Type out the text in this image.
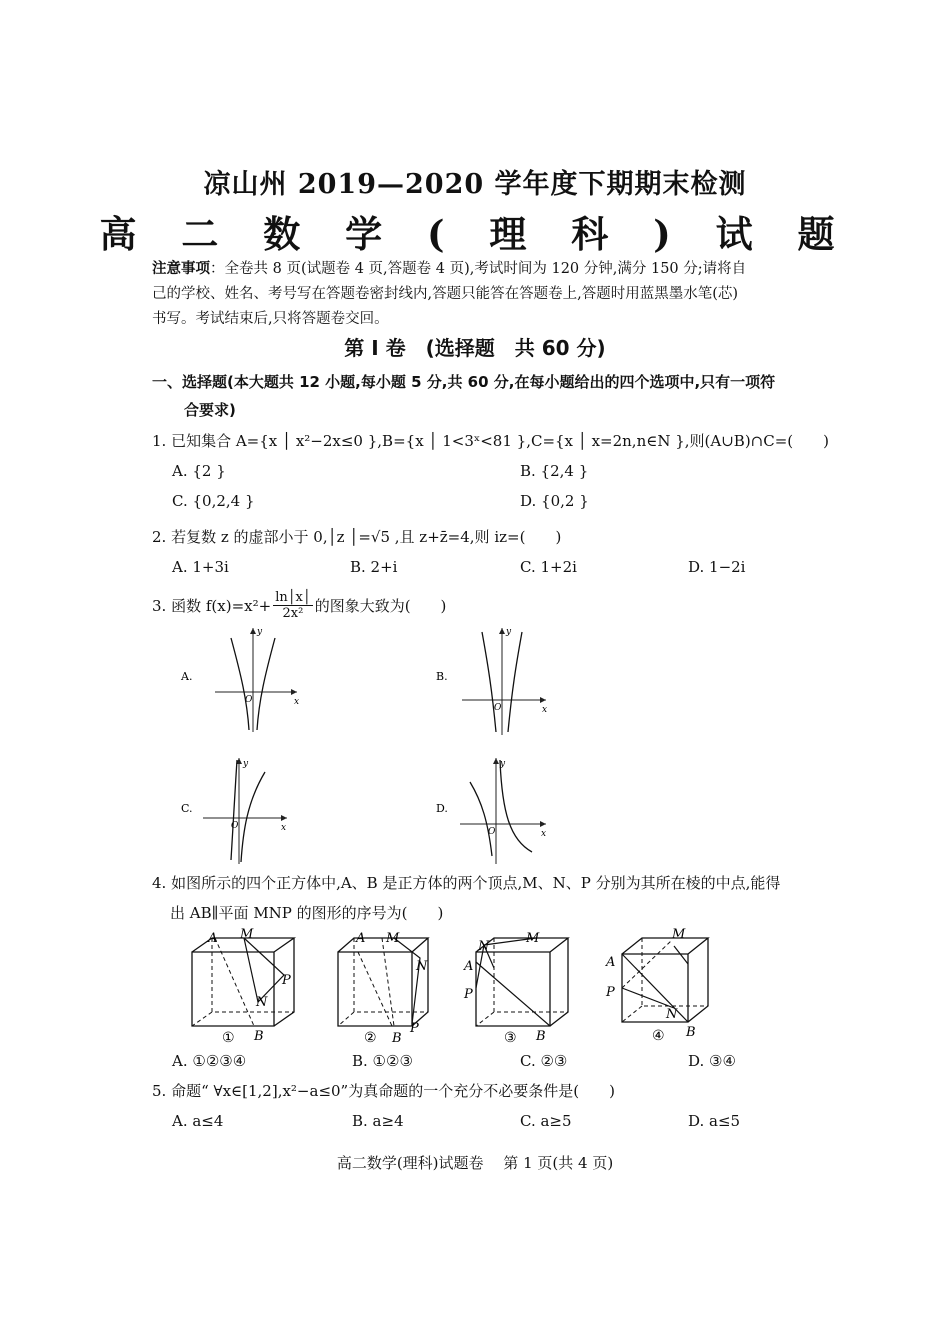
凉山州 2019—2020 学年度下期期末检测
高 二 数 学 ( 理 科 ) 试 题
注意事项：全卷共 8 页(试题卷 4 页,答题卷 4 页),考试时间为 120 分钟,满分 150 分;请将自
己的学校、姓名、考号写在答题卷密封线内,答题只能答在答题卷上,答题时用蓝黑墨水笔(芯)
书写。考试结束后,只将答题卷交回。
第 Ⅰ 卷　(选择题　共 60 分)
一、选择题(本大题共 12 小题,每小题 5 分,共 60 分,在每小题给出的四个选项中,只有一项符
合要求)
1. 已知集合 A={x │ x²−2x≤0 },B={x │ 1<3ˣ<81 },C={x │ x=2n,n∈N },则(A∪B)∩C=(　　)
A. {2 }	B. {2,4 }
C. {0,2,4 }	D. {0,2 }
2. 若复数 z 的虚部小于 0,│z │=√5 ,且 z+z̄=4,则 iz=(　　)
A. 1+3i	B. 2+i	C. 1+2i	D. 1−2i
3. 函数 $f(x)=x^2+ \frac{\ln│x│}{\text{2x²}}$ 的图象大致为(　　)
A.
x
y
O
B.
x
y
O
C.
x
y
O
D.
x
y
O
4. 如图所示的四个正方体中,A、B 是正方体的两个顶点,M、N、P 分别为其所在棱的中点,能得
出 AB∥平面 MNP 的图形的序号为(　　)
A M
P
N
B
①
A M
N
P
B
②
N
M
A
P
B
③
M
A
P
N
B
④
A. ①②③④	B. ①②③	C. ②③	D. ③④
5. 命题“ ∀x∈[1,2],x²−a≤0”为真命题的一个充分不必要条件是(　　)
A. a≤4	B. a≥4	C. a≥5	D. a≤5
高二数学(理科)试题卷　 第 1 页(共 4 页)
